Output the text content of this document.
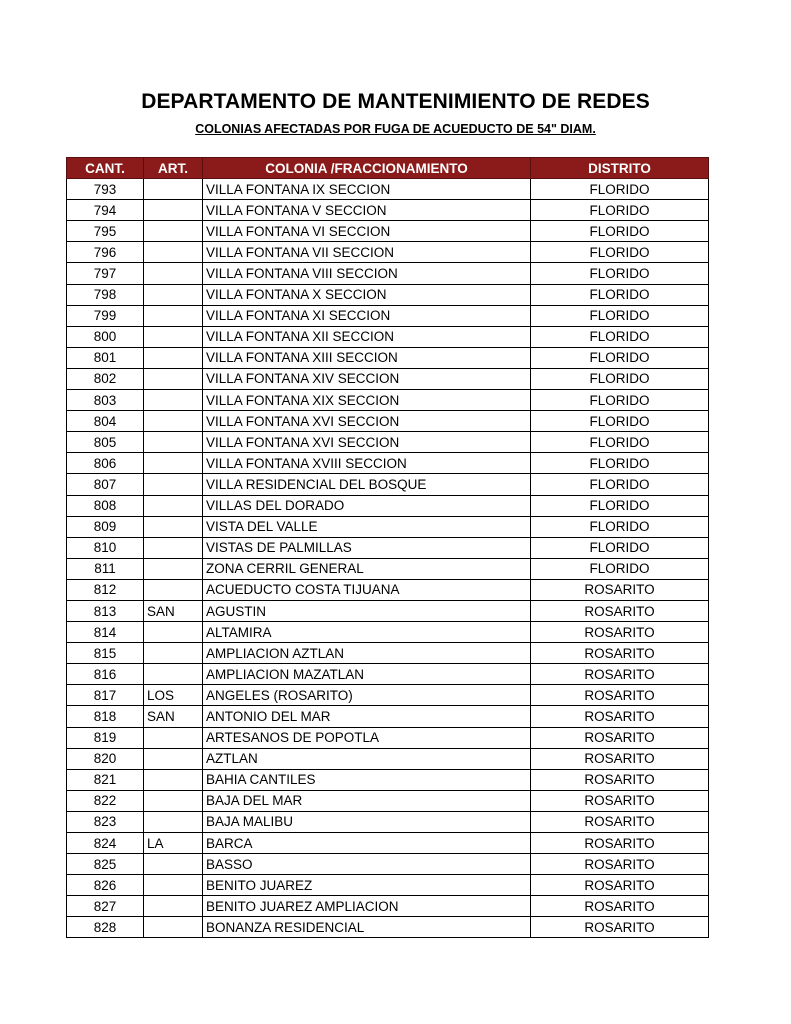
DEPARTAMENTO DE MANTENIMIENTO DE REDES
COLONIAS AFECTADAS POR FUGA DE ACUEDUCTO DE 54" DIAM.
CANT.	ART.	COLONIA /FRACCIONAMIENTO	DISTRITO
793		VILLA FONTANA IX SECCION	FLORIDO
794		VILLA FONTANA V SECCION	FLORIDO
795		VILLA FONTANA VI SECCION	FLORIDO
796		VILLA FONTANA VII SECCION	FLORIDO
797		VILLA FONTANA VIII SECCION	FLORIDO
798		VILLA FONTANA X SECCION	FLORIDO
799		VILLA FONTANA XI SECCION	FLORIDO
800		VILLA FONTANA XII SECCION	FLORIDO
801		VILLA FONTANA XIII SECCION	FLORIDO
802		VILLA FONTANA XIV SECCION	FLORIDO
803		VILLA FONTANA XIX SECCION	FLORIDO
804		VILLA FONTANA XVI SECCION	FLORIDO
805		VILLA FONTANA XVI SECCION	FLORIDO
806		VILLA FONTANA XVIII SECCION	FLORIDO
807		VILLA RESIDENCIAL DEL BOSQUE	FLORIDO
808		VILLAS DEL DORADO	FLORIDO
809		VISTA DEL VALLE	FLORIDO
810		VISTAS DE PALMILLAS	FLORIDO
811		ZONA CERRIL GENERAL	FLORIDO
812		ACUEDUCTO COSTA TIJUANA	ROSARITO
813	SAN	AGUSTIN	ROSARITO
814		ALTAMIRA	ROSARITO
815		AMPLIACION AZTLAN	ROSARITO
816		AMPLIACION MAZATLAN	ROSARITO
817	LOS	ANGELES (ROSARITO)	ROSARITO
818	SAN	ANTONIO DEL MAR	ROSARITO
819		ARTESANOS DE POPOTLA	ROSARITO
820		AZTLAN	ROSARITO
821		BAHIA CANTILES	ROSARITO
822		BAJA DEL MAR	ROSARITO
823		BAJA MALIBU	ROSARITO
824	LA	BARCA	ROSARITO
825		BASSO	ROSARITO
826		BENITO JUAREZ	ROSARITO
827		BENITO JUAREZ AMPLIACION	ROSARITO
828		BONANZA RESIDENCIAL	ROSARITO
